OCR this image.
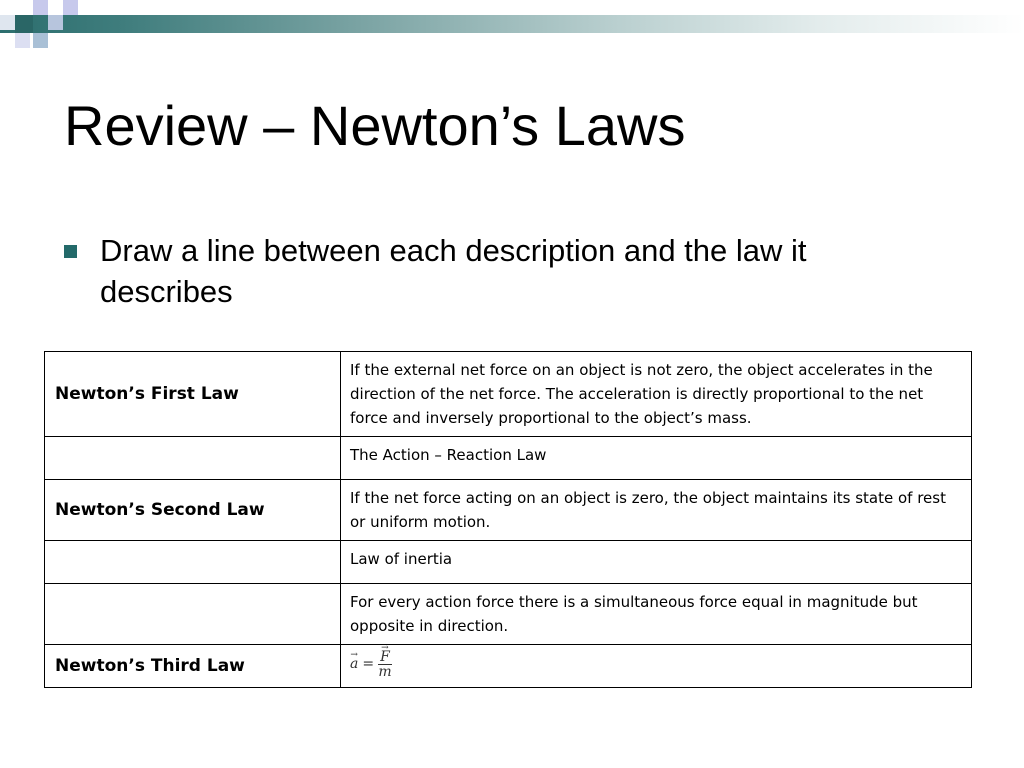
Review – Newton’s Laws
Draw a line between each description and the law it describes
Newton’s First Law	If the external net force on an object is not zero, the object accelerates in the direction of the net force. The acceleration is directly proportional to the net force and inversely proportional to the object’s mass.
	The Action – Reaction Law
Newton’s Second Law	If the net force acting on an object is zero, the object maintains its state of rest or uniform motion.
	Law of inertia
	For every action force there is a simultaneous force equal in magnitude but opposite in direction.
Newton’s Third Law	→ a = → $\frac{F}{m}$
